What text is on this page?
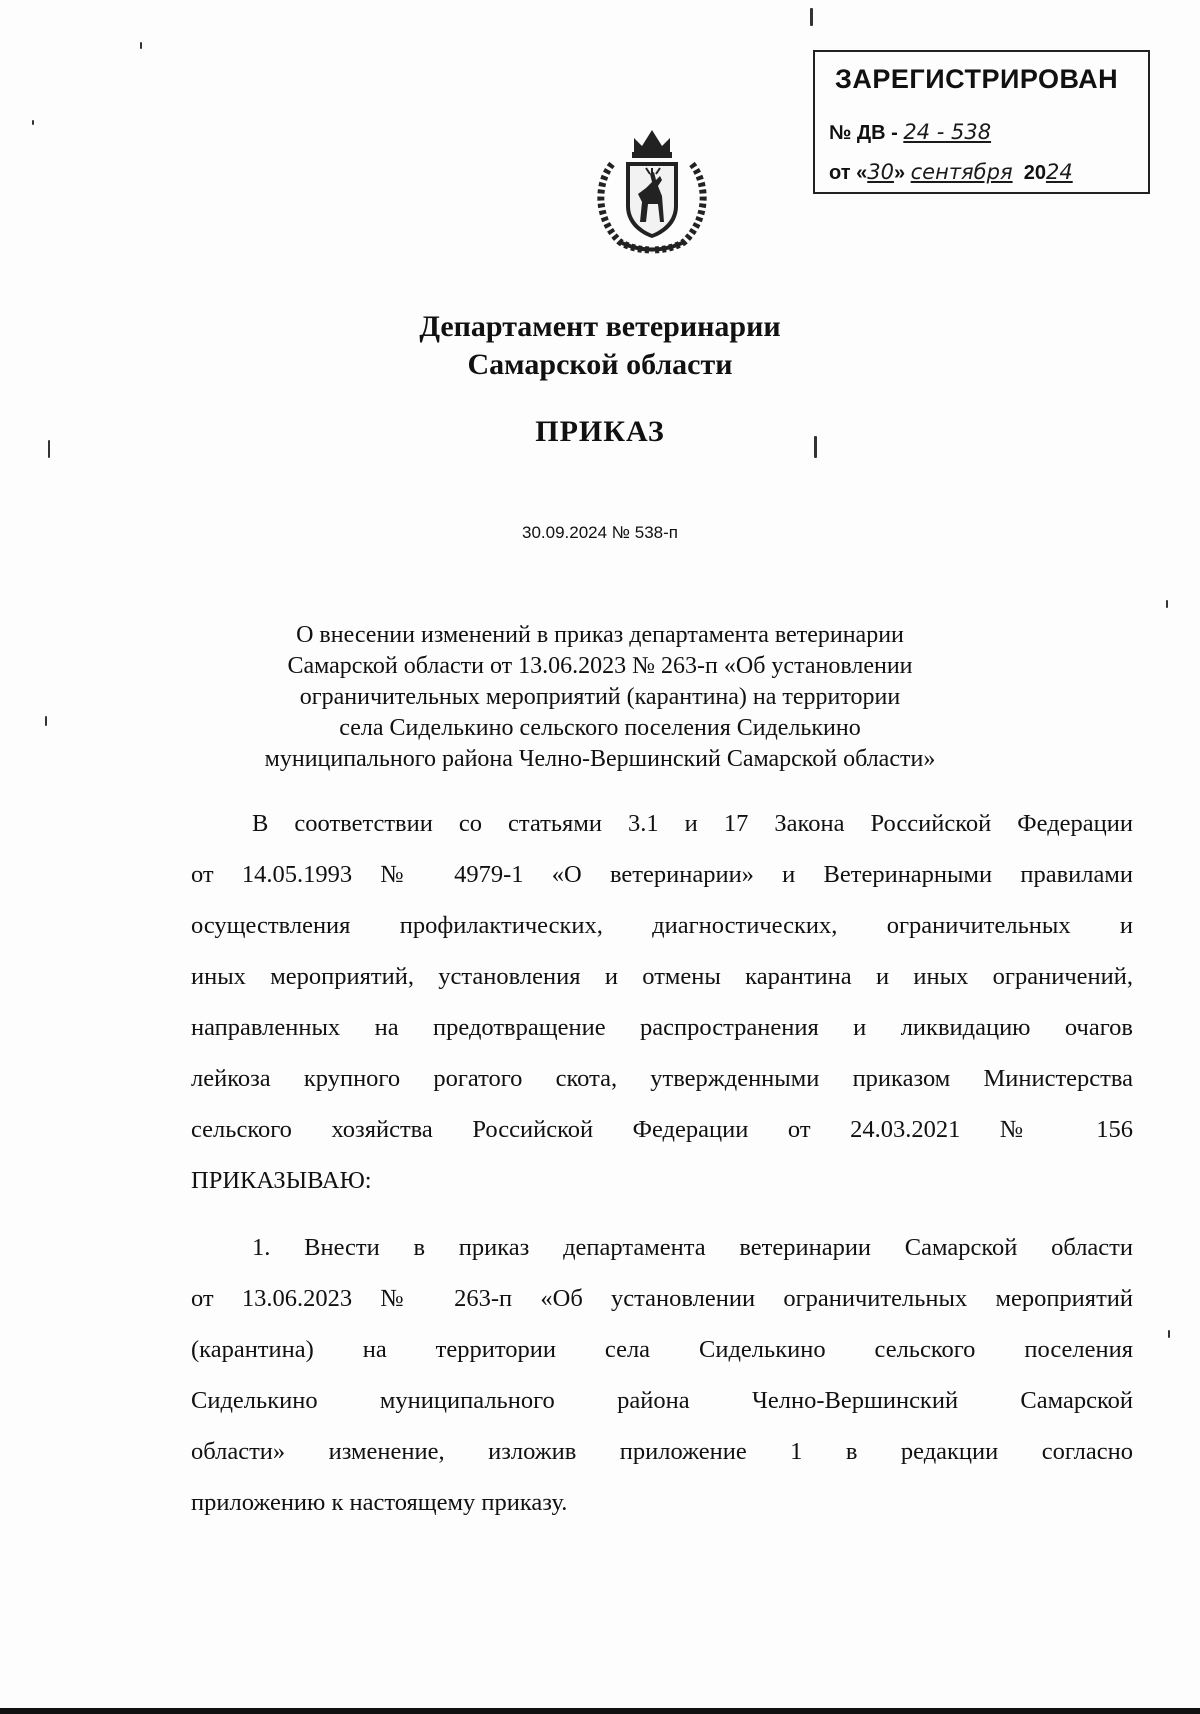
ЗАРЕГИСТРИРОВАН
№ ДВ - 24 - 538
от «30» сентября 2024
Департамент ветеринарии
Самарской области
ПРИКАЗ
30.09.2024 № 538-п
О внесении изменений в приказ департамента ветеринарии
Самарской области от 13.06.2023 № 263-п «Об установлении
ограничительных мероприятий (карантина) на территории
села Сиделькино сельского поселения Сиделькино
муниципального района Челно-Вершинский Самарской области»
В соответствии со статьями 3.1 и 17 Закона Российской Федерации
от 14.05.1993 № 4979-1 «О ветеринарии» и Ветеринарными правилами
осуществления профилактических, диагностических, ограничительных и
иных мероприятий, установления и отмены карантина и иных ограничений,
направленных на предотвращение распространения и ликвидацию очагов
лейкоза крупного рогатого скота, утвержденными приказом Министерства
сельского хозяйства Российской Федерации от 24.03.2021 № 156
ПРИКАЗЫВАЮ:
1. Внести в приказ департамента ветеринарии Самарской области
от 13.06.2023 № 263-п «Об установлении ограничительных мероприятий
(карантина) на территории села Сиделькино сельского поселения
Сиделькино муниципального района Челно-Вершинский Самарской
области» изменение, изложив приложение 1 в редакции согласно
приложению к настоящему приказу.
